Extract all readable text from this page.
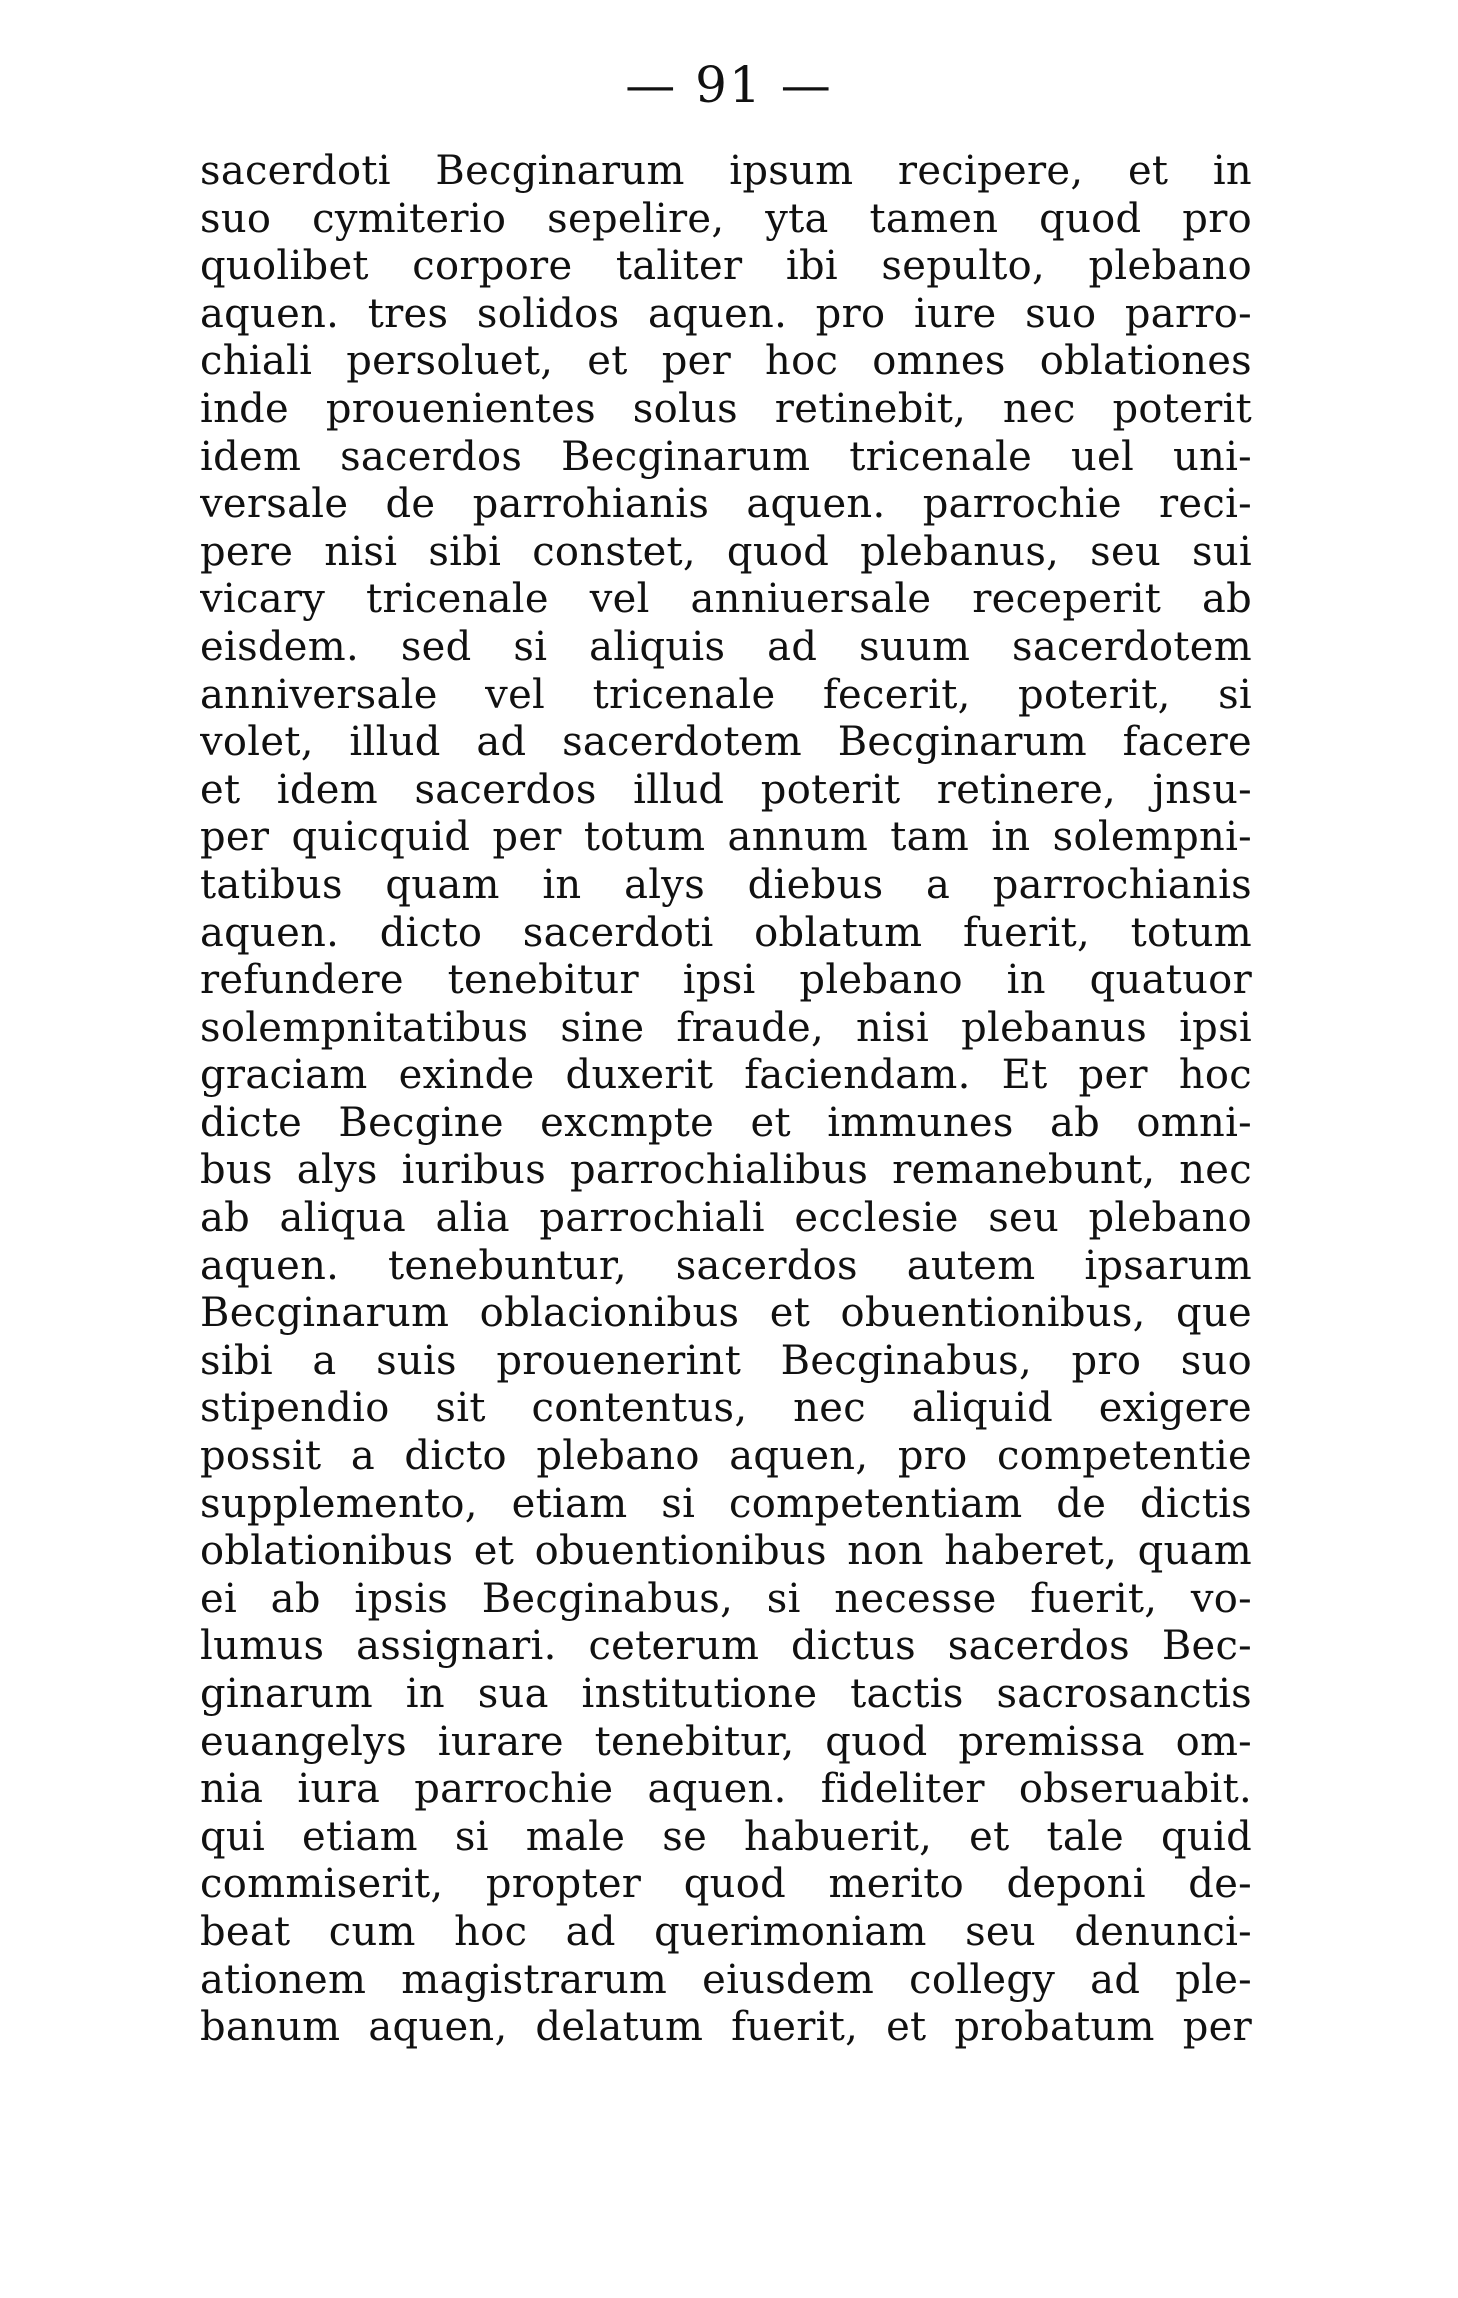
— 91 —
sacerdoti Becginarum ipsum recipere, et in
suo cymiterio sepelire, yta tamen quod pro
quolibet corpore taliter ibi sepulto, plebano
aquen. tres solidos aquen. pro iure suo parro-
chiali persoluet, et per hoc omnes oblationes
inde prouenientes solus retinebit, nec poterit
idem sacerdos Becginarum tricenale uel uni-
versale de parrohianis aquen. parrochie reci-
pere nisi sibi constet, quod plebanus, seu sui
vicary tricenale vel anniuersale receperit ab
eisdem. sed si aliquis ad suum sacerdotem
anniversale vel tricenale fecerit, poterit, si
volet, illud ad sacerdotem Becginarum facere
et idem sacerdos illud poterit retinere, jnsu-
per quicquid per totum annum tam in solempni-
tatibus quam in alys diebus a parrochianis
aquen. dicto sacerdoti oblatum fuerit, totum
refundere tenebitur ipsi plebano in quatuor
solempnitatibus sine fraude, nisi plebanus ipsi
graciam exinde duxerit faciendam. Et per hoc
dicte Becgine excmpte et immunes ab omni-
bus alys iuribus parrochialibus remanebunt, nec
ab aliqua alia parrochiali ecclesie seu plebano
aquen. tenebuntur, sacerdos autem ipsarum
Becginarum oblacionibus et obuentionibus, que
sibi a suis prouenerint Becginabus, pro suo
stipendio sit contentus, nec aliquid exigere
possit a dicto plebano aquen, pro competentie
supplemento, etiam si competentiam de dictis
oblationibus et obuentionibus non haberet, quam
ei ab ipsis Becginabus, si necesse fuerit, vo-
lumus assignari. ceterum dictus sacerdos Bec-
ginarum in sua institutione tactis sacrosanctis
euangelys iurare tenebitur, quod premissa om-
nia iura parrochie aquen. fideliter obseruabit.
qui etiam si male se habuerit, et tale quid
commiserit, propter quod merito deponi de-
beat cum hoc ad querimoniam seu denunci-
ationem magistrarum eiusdem collegy ad ple-
banum aquen, delatum fuerit, et probatum per
